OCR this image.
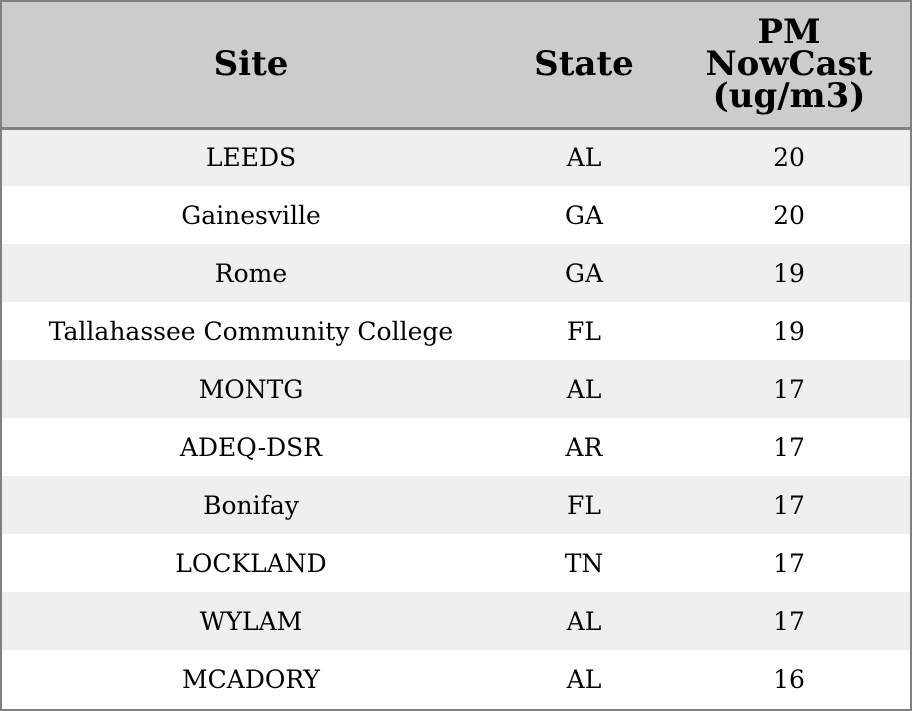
Site	State	PM
NowCast
(ug/m3)

LEEDS	AL	20
Gainesville	GA	20
Rome	GA	19
Tallahassee Community College	FL	19
MONTG	AL	17
ADEQ-DSR	AR	17
Bonifay	FL	17
LOCKLAND	TN	17
WYLAM	AL	17
MCADORY	AL	16
